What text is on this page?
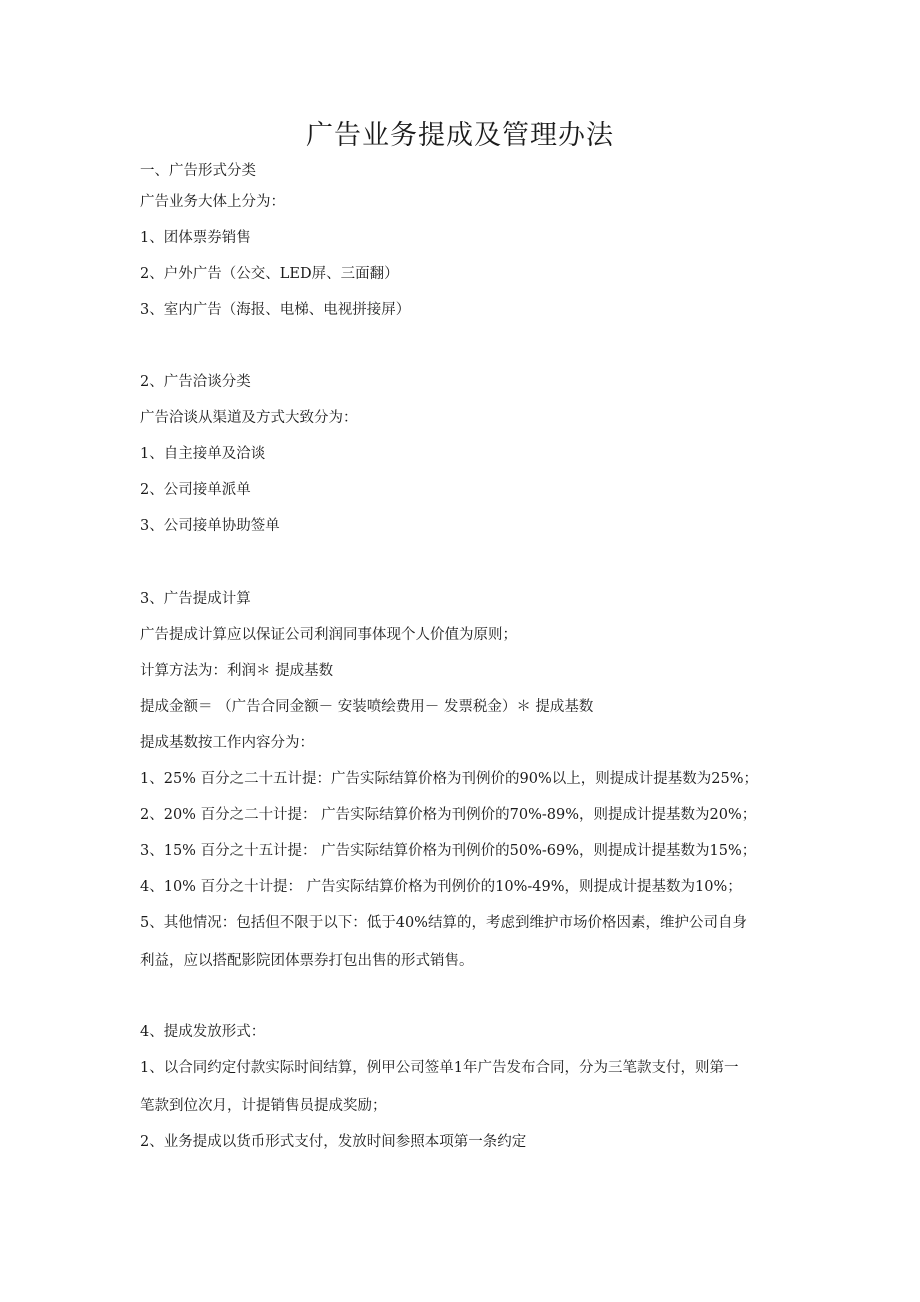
广告业务提成及管理办法
一、广告形式分类
广告业务大体上分为：
1、团体票券销售
2、户外广告（公交、LED屏、三面翻）
3、室内广告（海报、电梯、电视拼接屏）
2、广告洽谈分类
广告洽谈从渠道及方式大致分为：
1、自主接单及洽谈
2、公司接单派单
3、公司接单协助签单
3、广告提成计算
广告提成计算应以保证公司利润同事体现个人价值为原则；
计算方法为：利润＊ 提成基数
提成金额＝ （广告合同金额－ 安装喷绘费用－ 发票税金）＊ 提成基数
提成基数按工作内容分为：
1、25% 百分之二十五计提：广告实际结算价格为刊例价的90%以上，则提成计提基数为25%；
2、20% 百分之二十计提： 广告实际结算价格为刊例价的70%-89%，则提成计提基数为20%；
3、15% 百分之十五计提： 广告实际结算价格为刊例价的50%-69%，则提成计提基数为15%；
4、10% 百分之十计提： 广告实际结算价格为刊例价的10%-49%，则提成计提基数为10%；
5、其他情况：包括但不限于以下：低于40%结算的，考虑到维护市场价格因素，维护公司自身
利益，应以搭配影院团体票券打包出售的形式销售。
4、提成发放形式：
1、以合同约定付款实际时间结算，例甲公司签单1年广告发布合同，分为三笔款支付，则第一
笔款到位次月，计提销售员提成奖励；
2、业务提成以货币形式支付，发放时间参照本项第一条约定
